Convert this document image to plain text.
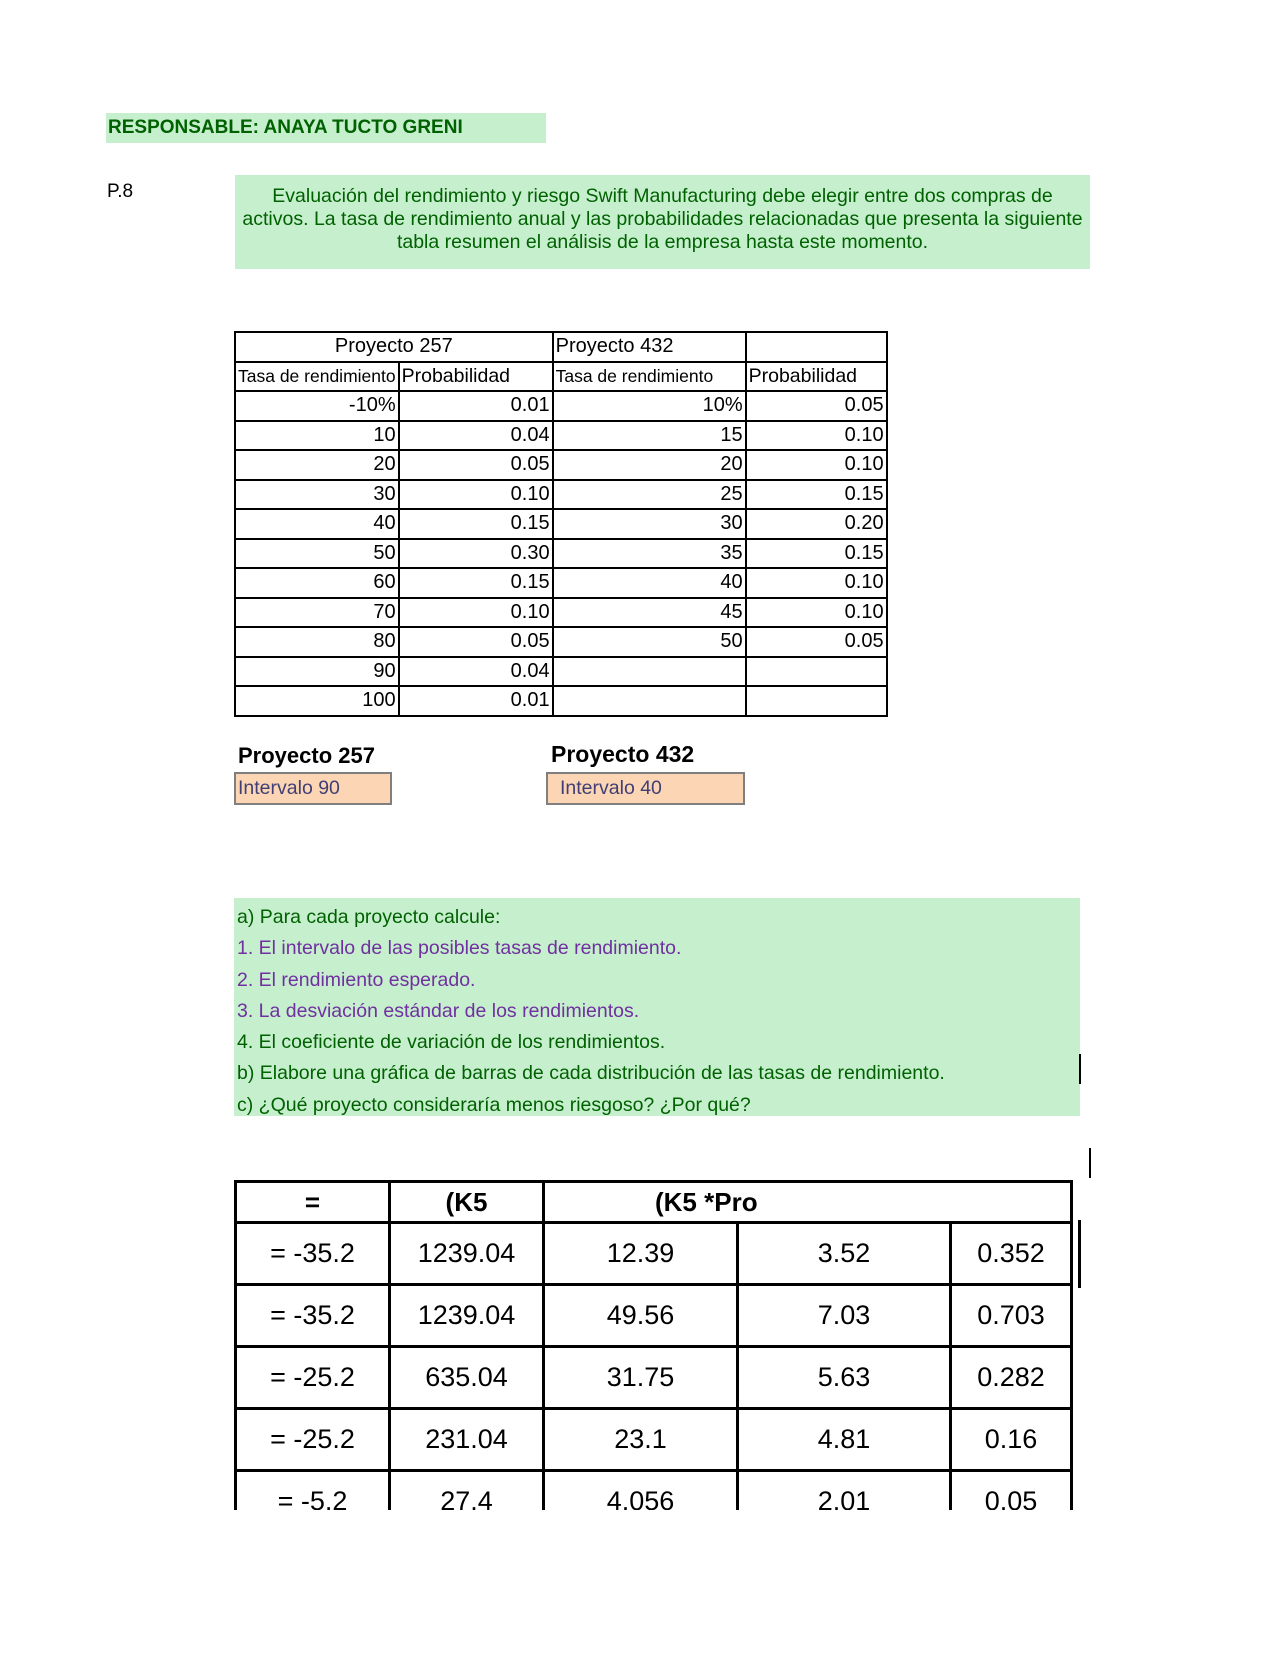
RESPONSABLE: ANAYA TUCTO GRENI
P.8	Evaluación del rendimiento y riesgo Swift Manufacturing debe elegir entre dos compras de activos. La tasa de rendimiento anual y las probabilidades relacionadas que presenta la siguiente tabla resumen el análisis de la empresa hasta este momento.
Proyecto 257		Proyecto 432	
Tasa de rendimiento	Probabilidad	Tasa de rendimiento	Probabilidad
-10%	0.01	10%	0.05
10	0.04	15	0.10
20	0.05	20	0.10
30	0.10	25	0.15
40	0.15	30	0.20
50	0.30	35	0.15
60	0.15	40	0.10
70	0.10	45	0.10
80	0.05	50	0.05
90	0.04		
100	0.01		
Proyecto 257	Proyecto 432
Intervalo 90	Intervalo 40
a) Para cada proyecto calcule:
1. El intervalo de las posibles tasas de rendimiento.
2. El rendimiento esperado.
3. La desviación estándar de los rendimientos.
4. El coeficiente de variación de los rendimientos.
b) Elabore una gráfica de barras de cada distribución de las tasas de rendimiento.
c) ¿Qué proyecto consideraría menos riesgoso? ¿Por qué?
=	(K5	(K5 *Pro		
= -35.2	1239.04	12.39	3.52	0.352
= -35.2	1239.04	49.56	7.03	0.703
= -25.2	635.04	31.75	5.63	0.282
= -25.2	231.04	23.1	4.81	0.16
= -5.2	27.4	4.056	2.01	0.05
